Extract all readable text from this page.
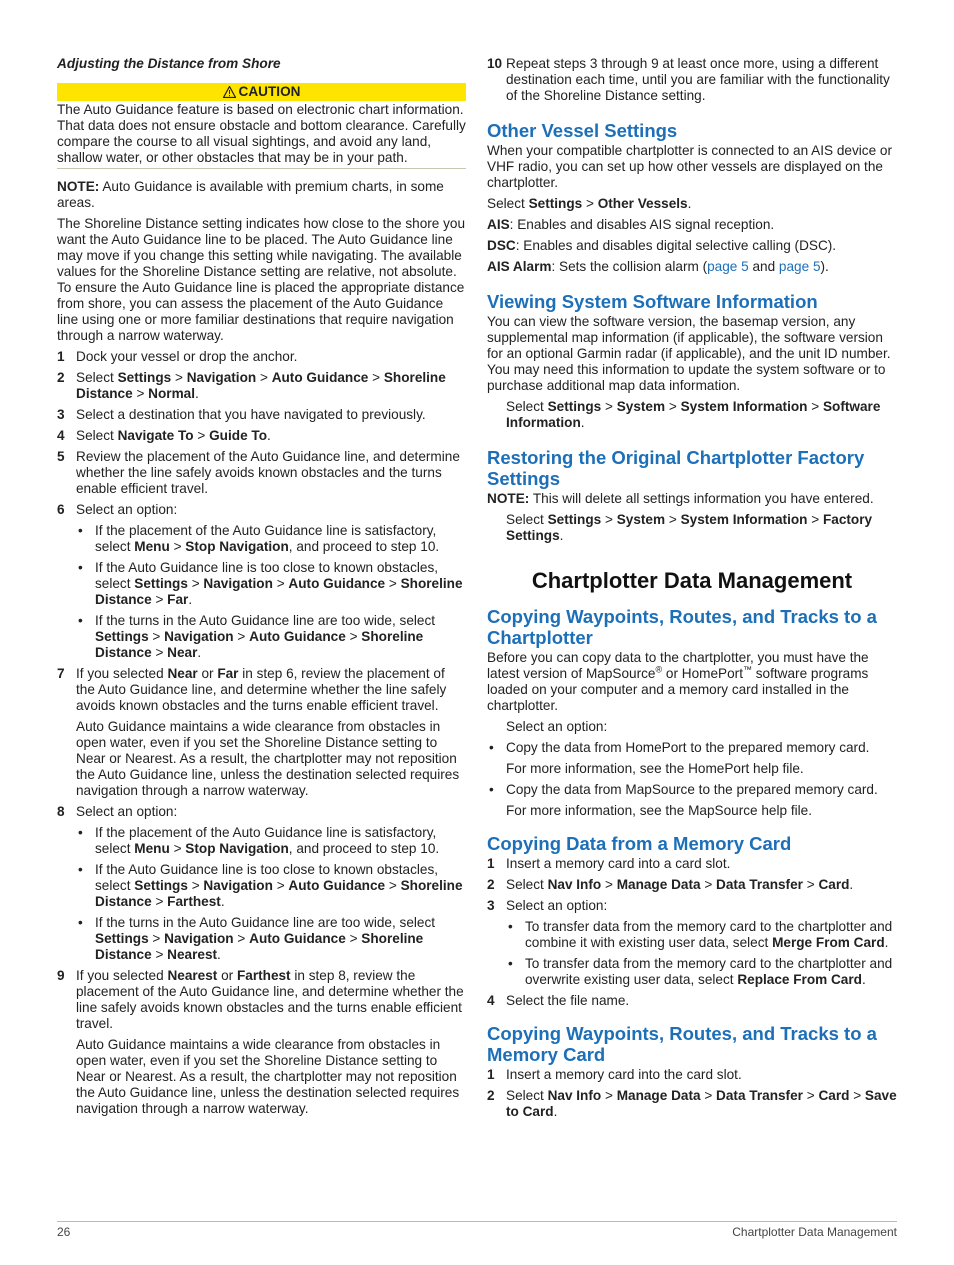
Adjusting the Distance from Shore
CAUTION

The Auto Guidance feature is based on electronic chart information. That data does not ensure obstacle and bottom clearance. Carefully compare the course to all visual sightings, and avoid any land, shallow water, or other obstacles that may be in your path.

NOTE: Auto Guidance is available with premium charts, in some areas.

The Shoreline Distance setting indicates how close to the shore you want the Auto Guidance line to be placed. The Auto Guidance line may move if you change this setting while navigating. The available values for the Shoreline Distance setting are relative, not absolute. To ensure the Auto Guidance line is placed the appropriate distance from shore, you can assess the placement of the Auto Guidance line using one or more familiar destinations that require navigation through a narrow waterway.

1 Dock your vessel or drop the anchor.
2 Select Settings > Navigation > Auto Guidance > Shoreline Distance > Normal.
3 Select a destination that you have navigated to previously.
4 Select Navigate To > Guide To.
5 Review the placement of the Auto Guidance line, and determine whether the line safely avoids known obstacles and the turns enable efficient travel.
6 Select an option:
• If the placement of the Auto Guidance line is satisfactory, select Menu > Stop Navigation, and proceed to step 10.
• If the Auto Guidance line is too close to known obstacles, select Settings > Navigation > Auto Guidance > Shoreline Distance > Far.
• If the turns in the Auto Guidance line are too wide, select Settings > Navigation > Auto Guidance > Shoreline Distance > Near.
7 If you selected Near or Far in step 6, review the placement of the Auto Guidance line, and determine whether the line safely avoids known obstacles and the turns enable efficient travel.

Auto Guidance maintains a wide clearance from obstacles in open water, even if you set the Shoreline Distance setting to Near or Nearest. As a result, the chartplotter may not reposition the Auto Guidance line, unless the destination selected requires navigation through a narrow waterway.

8 Select an option:
• If the placement of the Auto Guidance line is satisfactory, select Menu > Stop Navigation, and proceed to step 10.
• If the Auto Guidance line is too close to known obstacles, select Settings > Navigation > Auto Guidance > Shoreline Distance > Farthest.
• If the turns in the Auto Guidance line are too wide, select Settings > Navigation > Auto Guidance > Shoreline Distance > Nearest.
9 If you selected Nearest or Farthest in step 8, review the placement of the Auto Guidance line, and determine whether the line safely avoids known obstacles and the turns enable efficient travel.

Auto Guidance maintains a wide clearance from obstacles in open water, even if you set the Shoreline Distance setting to Near or Nearest. As a result, the chartplotter may not reposition the Auto Guidance line, unless the destination selected requires navigation through a narrow waterway.

10 Repeat steps 3 through 9 at least once more, using a different destination each time, until you are familiar with the functionality of the Shoreline Distance setting.
Other Vessel Settings

When your compatible chartplotter is connected to an AIS device or VHF radio, you can set up how other vessels are displayed on the chartplotter.

Select Settings > Other Vessels.

AIS: Enables and disables AIS signal reception.

DSC: Enables and disables digital selective calling (DSC).

AIS Alarm: Sets the collision alarm (page 5 and page 5).

Viewing System Software Information

You can view the software version, the basemap version, any supplemental map information (if applicable), the software version for an optional Garmin radar (if applicable), and the unit ID number. You may need this information to update the system software or to purchase additional map data information.

Select Settings > System > System Information > Software Information.

Restoring the Original Chartplotter Factory Settings

NOTE: This will delete all settings information you have entered.

Select Settings > System > System Information > Factory Settings.

Chartplotter Data Management
Copying Waypoints, Routes, and Tracks to a Chartplotter

Before you can copy data to the chartplotter, you must have the latest version of MapSource® or HomePort™ software programs loaded on your computer and a memory card installed in the chartplotter.

Select an option:

• Copy the data from HomePort to the prepared memory card.

For more information, see the HomePort help file.

• Copy the data from MapSource to the prepared memory card.

For more information, see the MapSource help file.

Copying Data from a Memory Card
1 Insert a memory card into a card slot.
2 Select Nav Info > Manage Data > Data Transfer > Card.
3 Select an option:
• To transfer data from the memory card to the chartplotter and combine it with existing user data, select Merge From Card.
• To transfer data from the memory card to the chartplotter and overwrite existing user data, select Replace From Card.
4 Select the file name.
Copying Waypoints, Routes, and Tracks to a Memory Card
1 Insert a memory card into the card slot.
2 Select Nav Info > Manage Data > Data Transfer > Card > Save to Card.
26	Chartplotter Data Management
